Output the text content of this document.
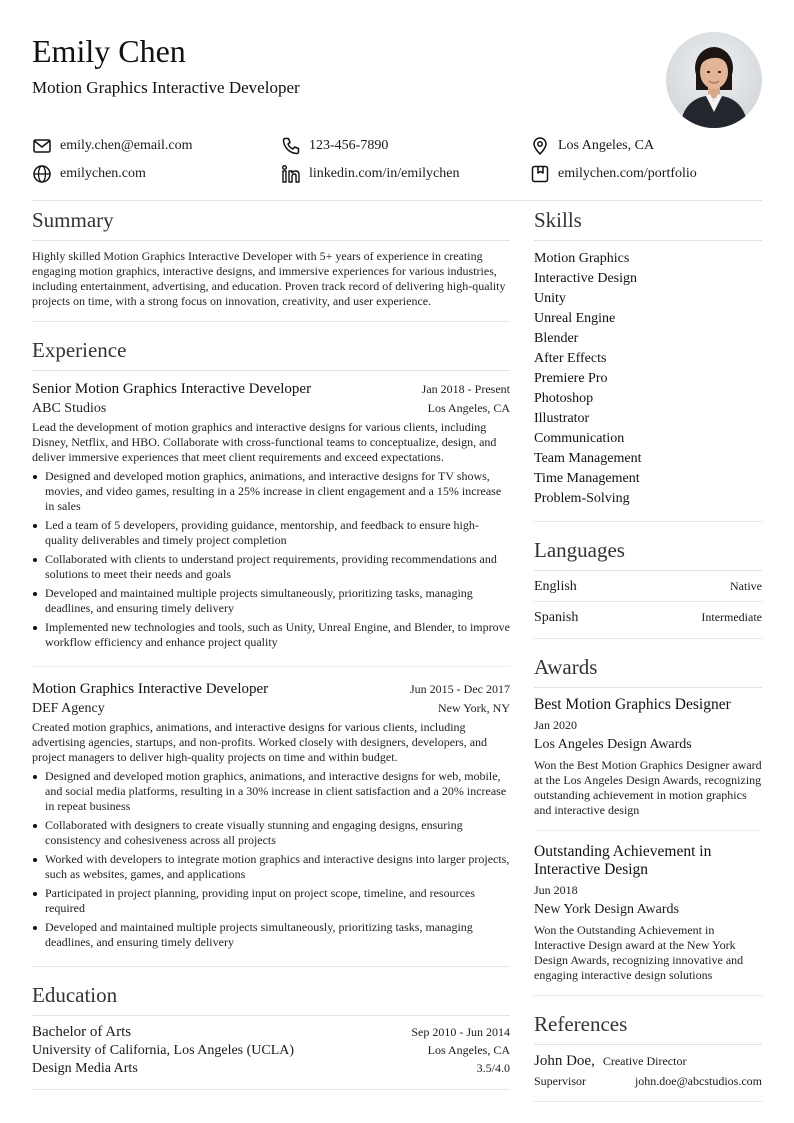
Emily Chen
Motion Graphics Interactive Developer
emily.chen@email.com	123-456-7890	Los Angeles, CA
emilychen.com	linkedin.com/in/emilychen	emilychen.com/portfolio
Summary
Highly skilled Motion Graphics Interactive Developer with 5+ years of experience in creating engaging motion graphics, interactive designs, and immersive experiences for various industries, including entertainment, advertising, and education. Proven track record of delivering high-quality projects on time, with a strong focus on innovation, creativity, and user experience.
Experience
Senior Motion Graphics Interactive Developer	Jan 2018 - Present
ABC Studios	Los Angeles, CA
Lead the development of motion graphics and interactive designs for various clients, including Disney, Netflix, and HBO. Collaborate with cross-functional teams to conceptualize, design, and deliver immersive experiences that meet client requirements and exceed expectations.
Designed and developed motion graphics, animations, and interactive designs for TV shows, movies, and video games, resulting in a 25% increase in client engagement and a 15% increase in sales
Led a team of 5 developers, providing guidance, mentorship, and feedback to ensure high-quality deliverables and timely project completion
Collaborated with clients to understand project requirements, providing recommendations and solutions to meet their needs and goals
Developed and maintained multiple projects simultaneously, prioritizing tasks, managing deadlines, and ensuring timely delivery
Implemented new technologies and tools, such as Unity, Unreal Engine, and Blender, to improve workflow efficiency and enhance project quality
Motion Graphics Interactive Developer	Jun 2015 - Dec 2017
DEF Agency	New York, NY
Created motion graphics, animations, and interactive designs for various clients, including advertising agencies, startups, and non-profits. Worked closely with designers, developers, and project managers to deliver high-quality projects on time and within budget.
Designed and developed motion graphics, animations, and interactive designs for web, mobile, and social media platforms, resulting in a 30% increase in client satisfaction and a 20% increase in repeat business
Collaborated with designers to create visually stunning and engaging designs, ensuring consistency and cohesiveness across all projects
Worked with developers to integrate motion graphics and interactive designs into larger projects, such as websites, games, and applications
Participated in project planning, providing input on project scope, timeline, and resources required
Developed and maintained multiple projects simultaneously, prioritizing tasks, managing deadlines, and ensuring timely delivery
Education
Bachelor of Arts	Sep 2010 - Jun 2014
University of California, Los Angeles (UCLA)	Los Angeles, CA
Design Media Arts	3.5/4.0
Skills
Motion Graphics
Interactive Design
Unity
Unreal Engine
Blender
After Effects
Premiere Pro
Photoshop
Illustrator
Communication
Team Management
Time Management
Problem-Solving
Languages
English	Native
Spanish	Intermediate
Awards
Best Motion Graphics Designer
Jan 2020
Los Angeles Design Awards
Won the Best Motion Graphics Designer award at the Los Angeles Design Awards, recognizing outstanding achievement in motion graphics and interactive design
Outstanding Achievement in Interactive Design
Jun 2018
New York Design Awards
Won the Outstanding Achievement in Interactive Design award at the New York Design Awards, recognizing innovative and engaging interactive design solutions
References
John Doe, Creative Director
Supervisor	john.doe@abcstudios.com
